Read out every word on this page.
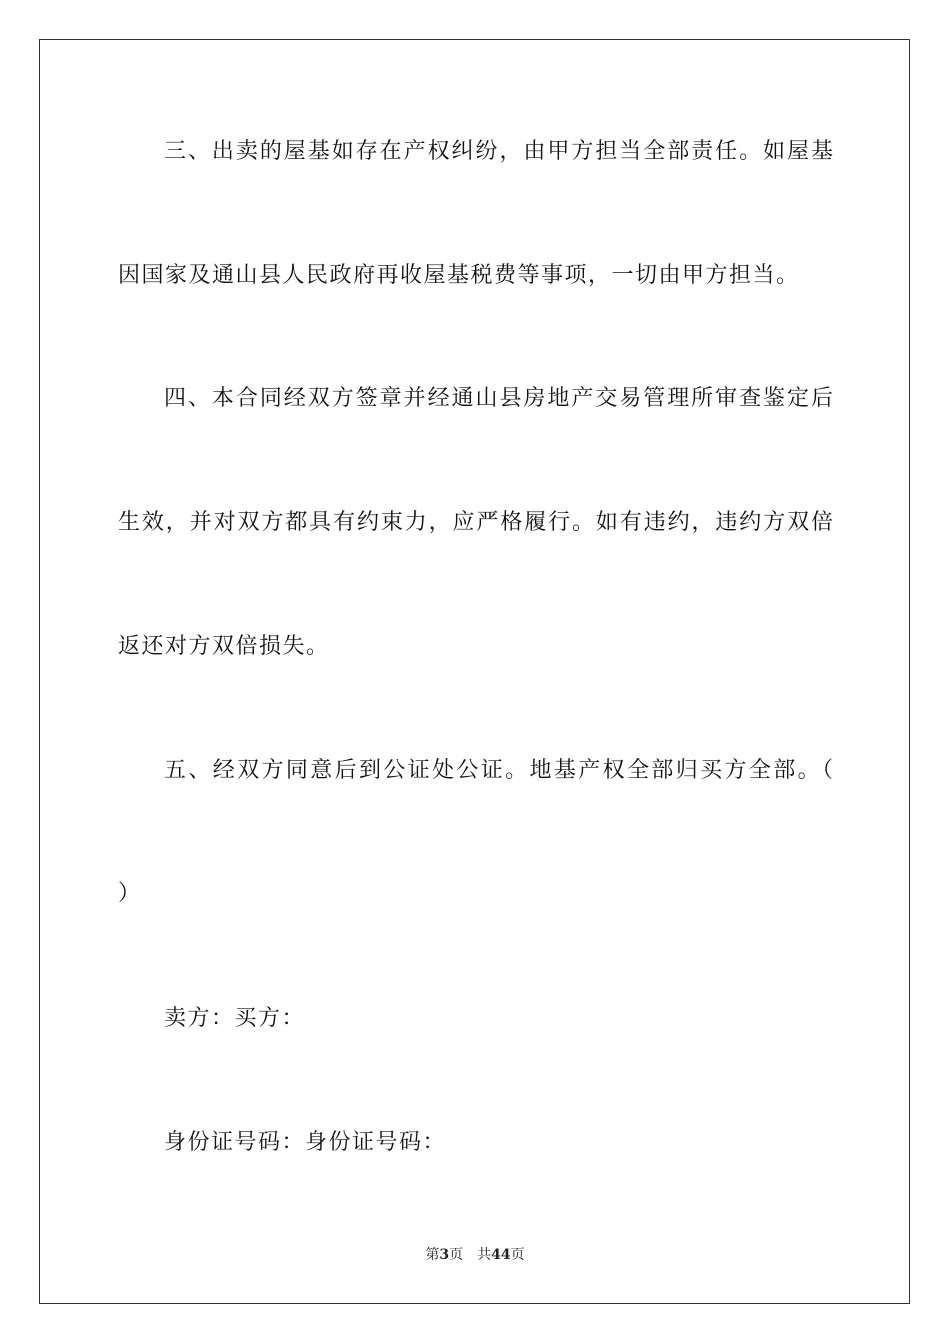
三、出卖的屋基如存在产权纠纷，由甲方担当全部责任。如屋基
因国家及通山县人民政府再收屋基税费等事项，一切由甲方担当。
四、本合同经双方签章并经通山县房地产交易管理所审查鉴定后
生效，并对双方都具有约束力，应严格履行。如有违约，违约方双倍
返还对方双倍损失。
五、经双方同意后到公证处公证。地基产权全部归买方全部。（
）
卖方：买方：
身份证号码：身份证号码：
第3页 共44页
